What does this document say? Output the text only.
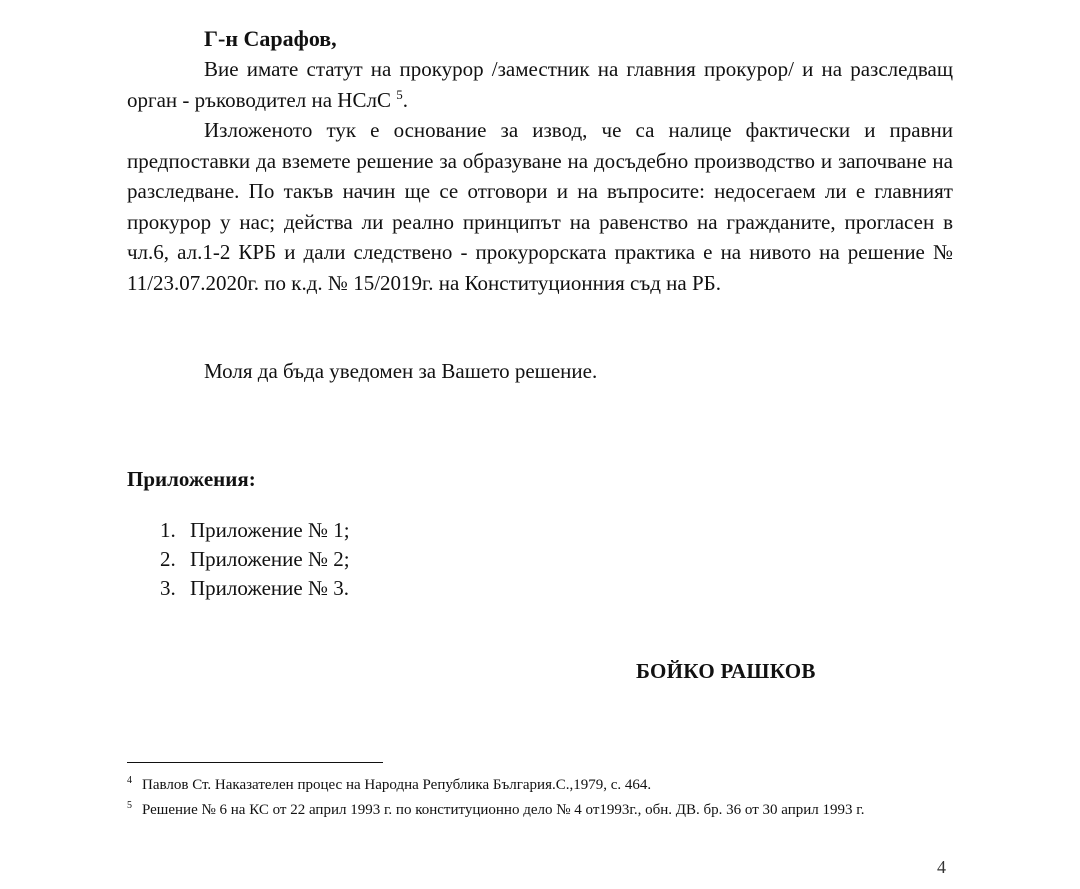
Г-н Сарафов,

Вие имате статут на прокурор /заместник на главния прокурор/ и на разследващ орган - ръководител на НСлС $^5$.

Изложеното тук е основание за извод, че са налице фактически и правни предпоставки да вземете решение за образуване на досъдебно производство и започване на разследване. По такъв начин ще се отговори и на въпросите: недосегаем ли е главният прокурор у нас; действа ли реално принципът на равенство на гражданите, прогласен в чл.6, ал.1-2 КРБ и дали следствено - прокурорската практика е на нивото на решение № 11/23.07.2020г. по к.д. № 15/2019г. на Конституционния съд на РБ.

Моля да бъда уведомен за Вашето решение.

Приложения:

1. Приложение № 1;
2. Приложение № 2;
3. Приложение № 3.

БОЙКО РАШКОВ

$^4$ Павлов Ст. Наказателен процес на Народна Република България.С.,1979, с. 464.

$^5$ Решение № 6 на КС от 22 април 1993 г. по конституционно дело № 4 от1993г., обн. ДВ. бр. 36 от 30 април 1993 г.

4
